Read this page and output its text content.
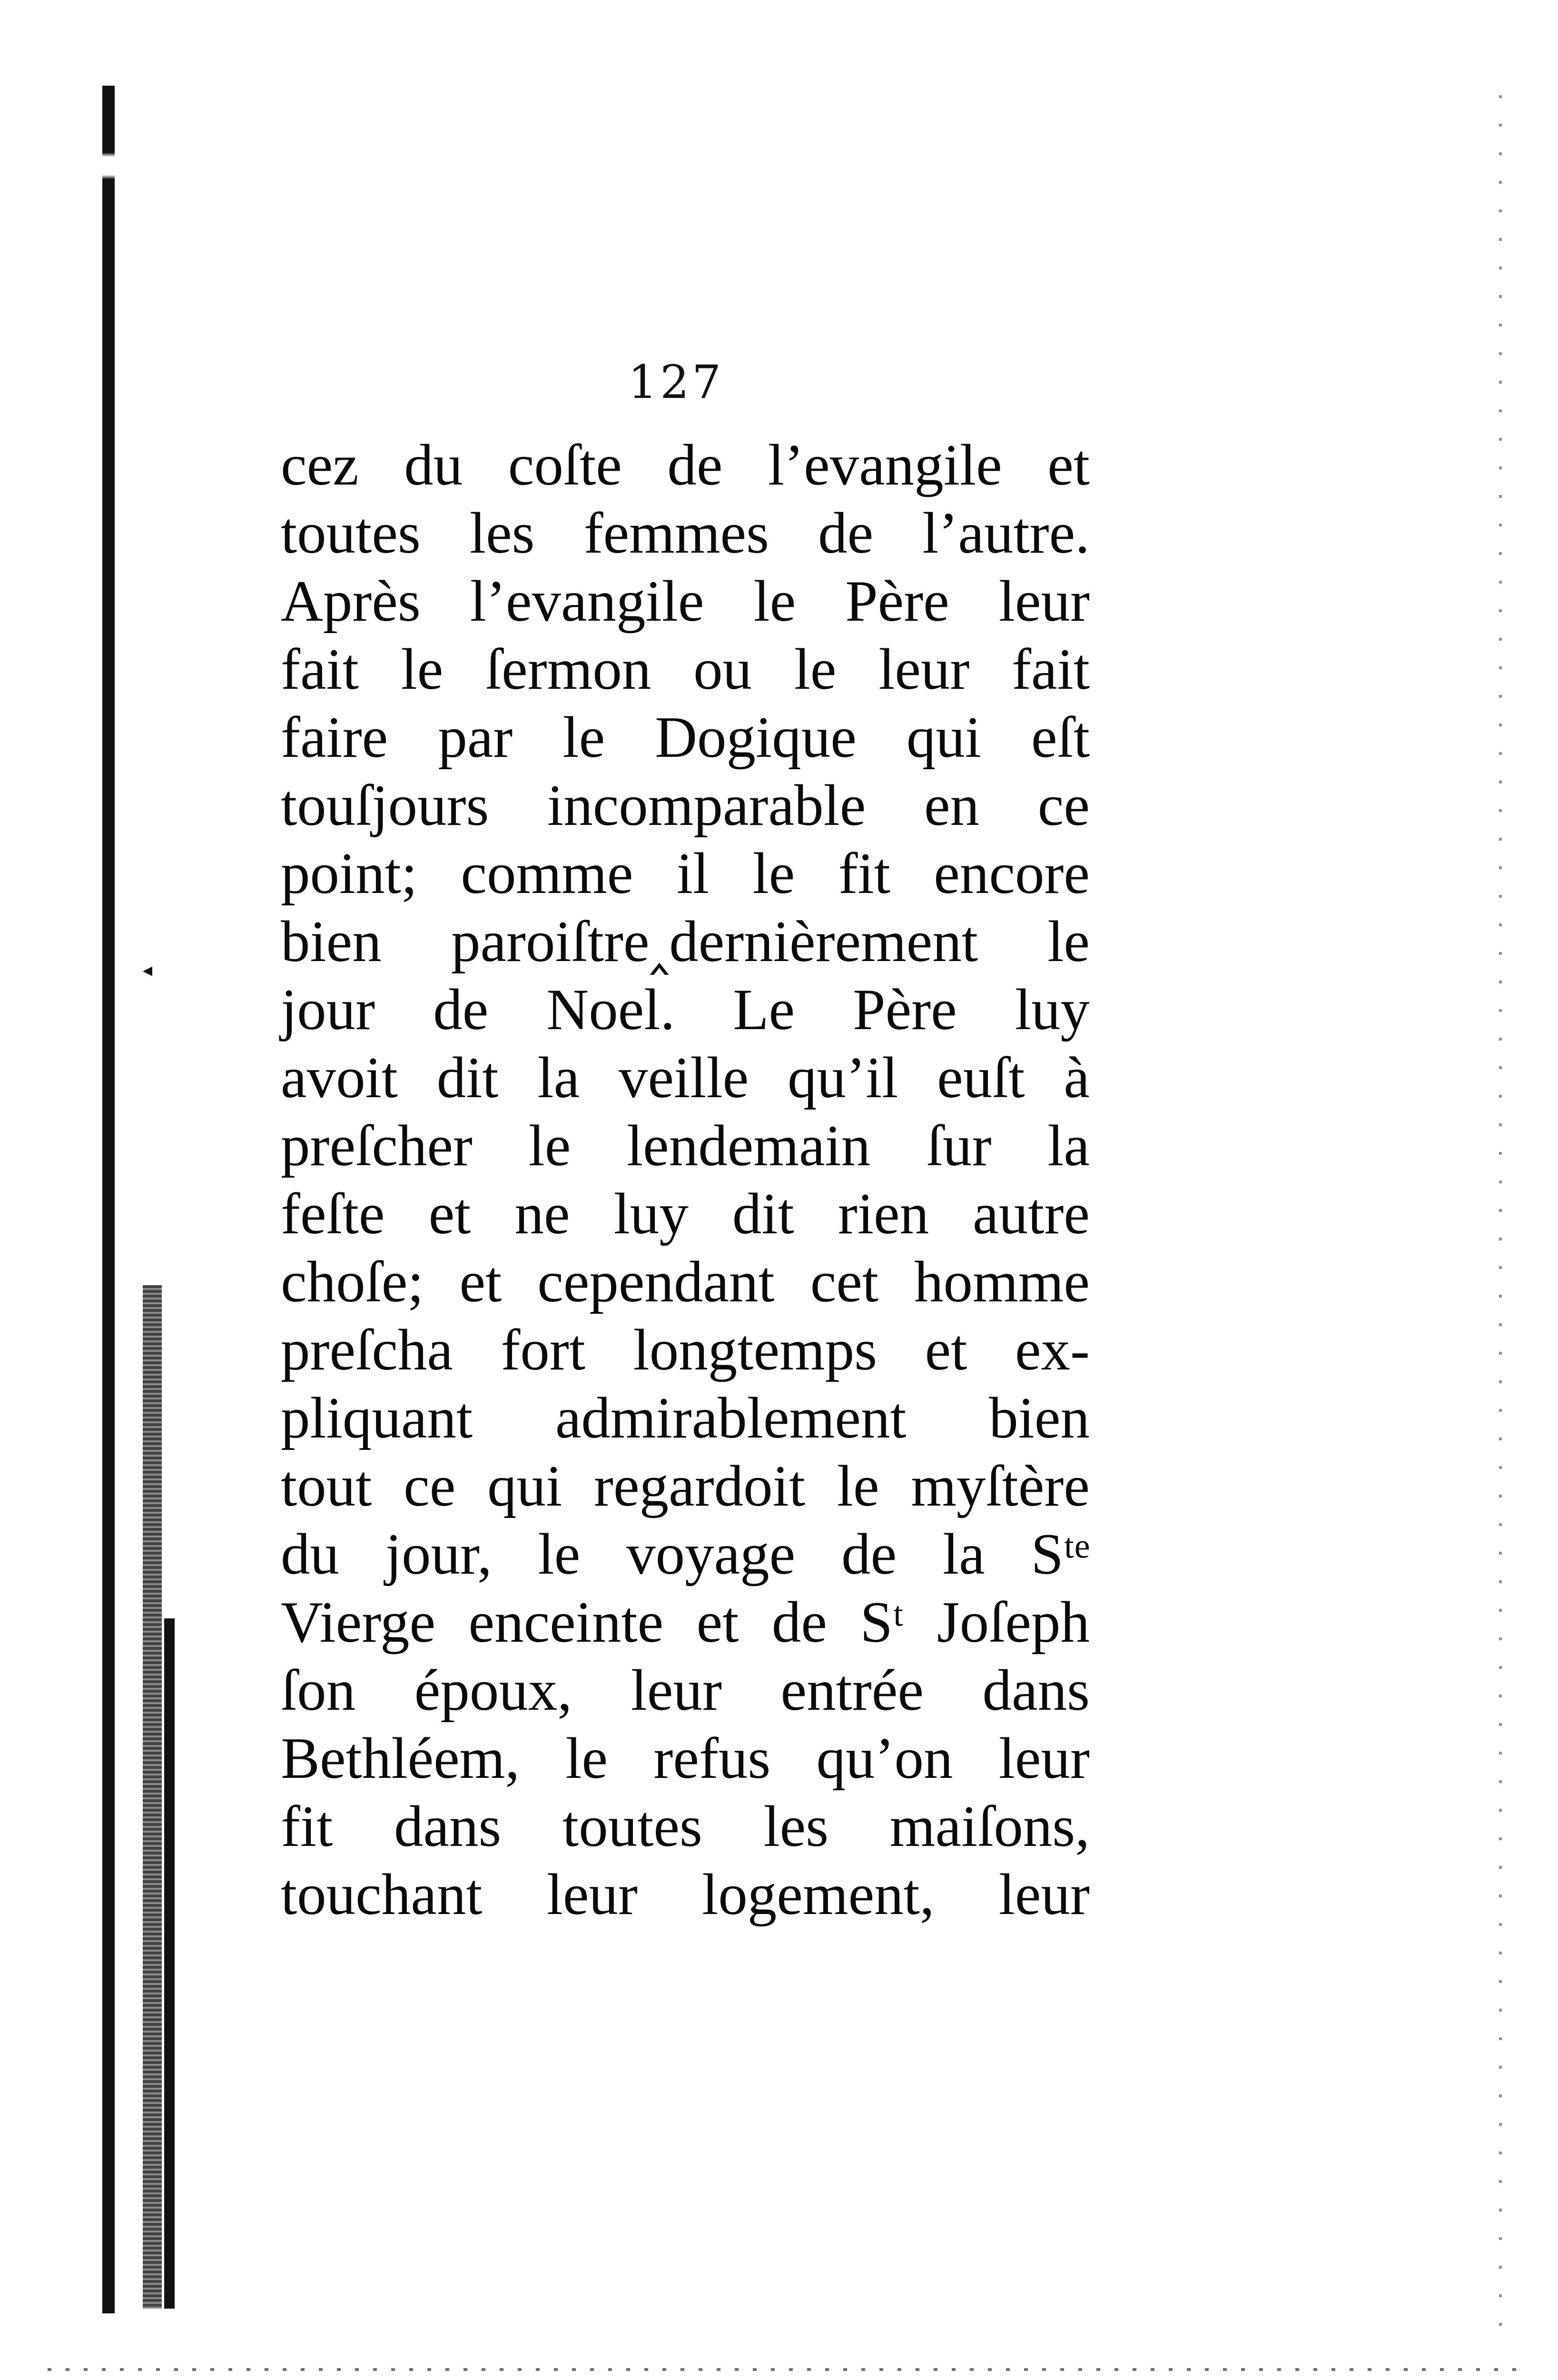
◂
127
cez du coſte de l’evangile et
toutes les femmes de l’autre.
Après l’evangile le Père leur
fait le ſermon ou le leur fait
faire par le Dogique qui eſt
touſjours incomparable en ce
point; comme il le fit encore
bien paroiſtre‸dernièrement le
jour de Noel. Le Père luy
avoit dit la veille qu’il euſt à
preſcher le lendemain ſur la
feſte et ne luy dit rien autre
choſe; et cependant cet homme
preſcha fort longtemps et ex-
pliquant admirablement bien
tout ce qui regardoit le myſtère
du jour, le voyage de la Sᵗᵉ
Vierge enceinte et de Sᵗ Joſeph
ſon époux, leur entrée dans
Bethléem, le refus qu’on leur
fit dans toutes les maiſons,
touchant leur logement, leur
